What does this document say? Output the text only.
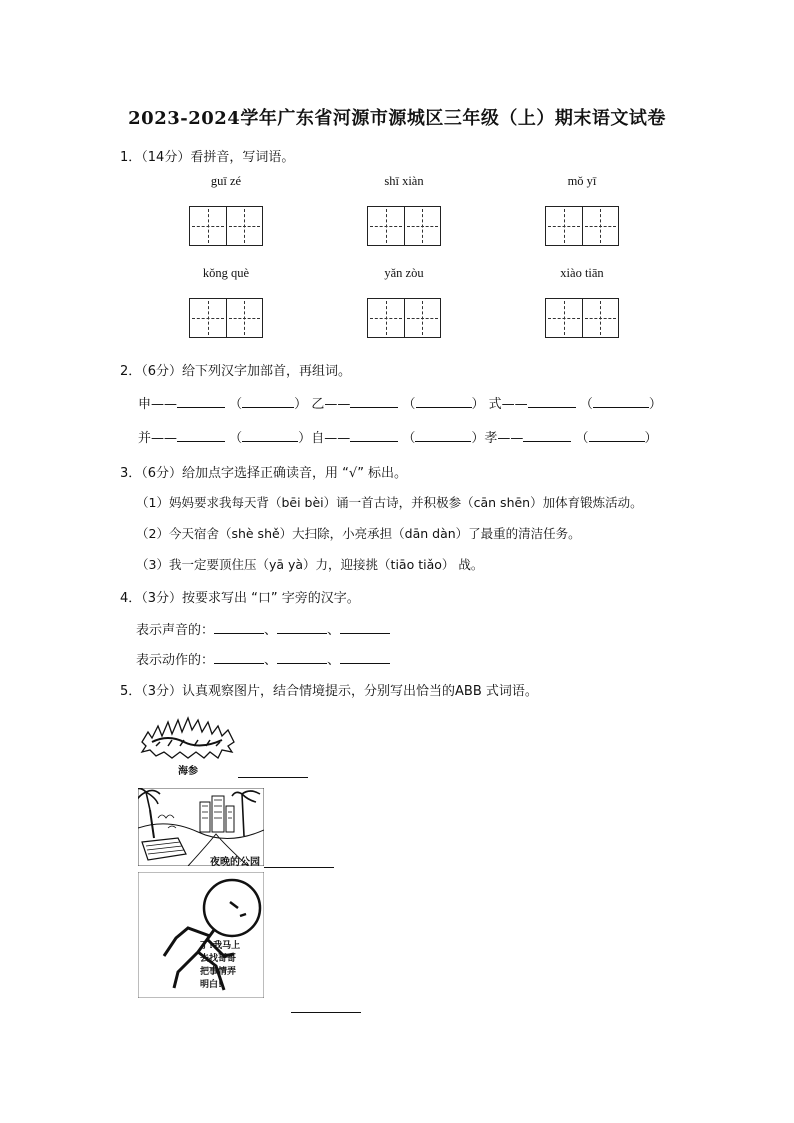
2023-2024学年广东省河源市源城区三年级（上）期末语文试卷
1．（14分）看拼音，写词语。
guī zé	shī xiàn	mǒ yī
kǒng què	yǎn zòu	xiào tiān
2．（6分）给下列汉字加部首，再组词。
申——	（	） 乙——	（	） 式——	（	）
并——	（	）自——	（	）孝——	（	）
3．（6分）给加点字选择正确读音，用 “√” 标出。
（1）妈妈要求我每天背（bēi bèi）诵一首古诗，并积极参（cān shēn）加体育锻炼活动。
（2）今天宿舍（shè shě）大扫除，小亮承担（dān dàn）了最重的清洁任务。
（3）我一定要顶住压（yā yà）力，迎接挑（tiāo tiǎo） 战。
4．（3分）按要求写出 “口” 字旁的汉字。
表示声音的：	、	、
表示动作的：	、	、
5．（3分）认真观察图片，结合情境提示，分别写出恰当的ABB 式词语。
海参
夜晚的公园
丁!我马上
去找哥哥
把事情弄
明白!
